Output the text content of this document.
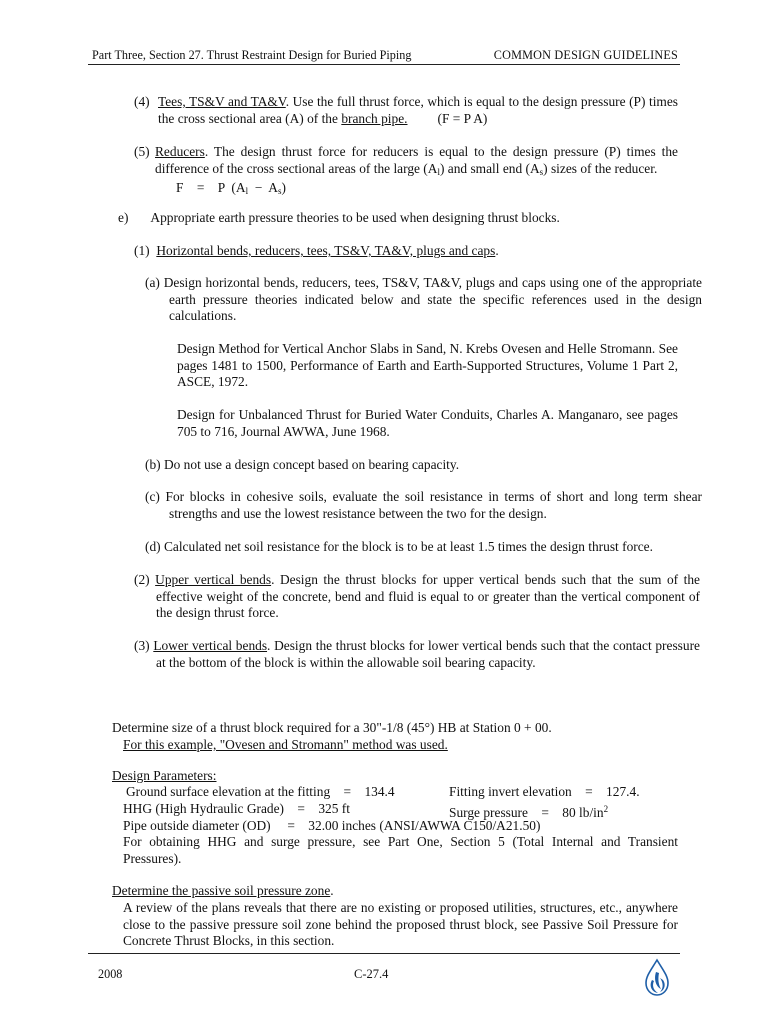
Part Three, Section 27. Thrust Restraint Design for Buried Piping	COMMON DESIGN GUIDELINES
(4) Tees, TS&V and TA&V. Use the full thrust force, which is equal to the design pressure (P) times the cross sectional area (A) of the branch pipe. (F = P A)
(5) Reducers. The design thrust force for reducers is equal to the design pressure (P) times the difference of the cross sectional areas of the large $(A_l)$ and small end $(A_s)$ sizes of the reducer.
F    =    P  $(A_l - A_s)$
e) Appropriate earth pressure theories to be used when designing thrust blocks.
(1) Horizontal bends, reducers, tees, TS&V, TA&V, plugs and caps.
(a) Design horizontal bends, reducers, tees, TS&V, TA&V, plugs and caps using one of the appropriate earth pressure theories indicated below and state the specific references used in the design calculations.
Design Method for Vertical Anchor Slabs in Sand, N. Krebs Ovesen and Helle Stromann. See pages 1481 to 1500, Performance of Earth and Earth-Supported Structures, Volume 1 Part 2, ASCE, 1972.
Design for Unbalanced Thrust for Buried Water Conduits, Charles A. Manganaro, see pages 705 to 716, Journal AWWA, June 1968.
(b) Do not use a design concept based on bearing capacity.
(c) For blocks in cohesive soils, evaluate the soil resistance in terms of short and long term shear strengths and use the lowest resistance between the two for the design.
(d) Calculated net soil resistance for the block is to be at least 1.5 times the design thrust force.
(2) Upper vertical bends. Design the thrust blocks for upper vertical bends such that the sum of the effective weight of the concrete, bend and fluid is equal to or greater than the vertical component of the design thrust force.
(3) Lower vertical bends. Design the thrust blocks for lower vertical bends such that the contact pressure at the bottom of the block is within the allowable soil bearing capacity.
Determine size of a thrust block required for a 30"-1/8 (45°) HB at Station 0 + 00.
For this example, "Ovesen and Stromann" method was used.
Design Parameters:
Ground surface elevation at the fitting    =    134.4	Fitting invert elevation    =    127.4.
HHG (High Hydraulic Grade)    =    325 ft	Surge pressure    =    80 $lb/in^2$
Pipe outside diameter (OD)     =    32.00 inches (ANSI/AWWA C150/A21.50)
For obtaining HHG and surge pressure, see Part One, Section 5 (Total Internal and Transient Pressures).
Determine the passive soil pressure zone.
A review of the plans reveals that there are no existing or proposed utilities, structures, etc., anywhere close to the passive pressure soil zone behind the proposed thrust block, see Passive Soil Pressure for Concrete Thrust Blocks, in this section.
2008	C-27.4
